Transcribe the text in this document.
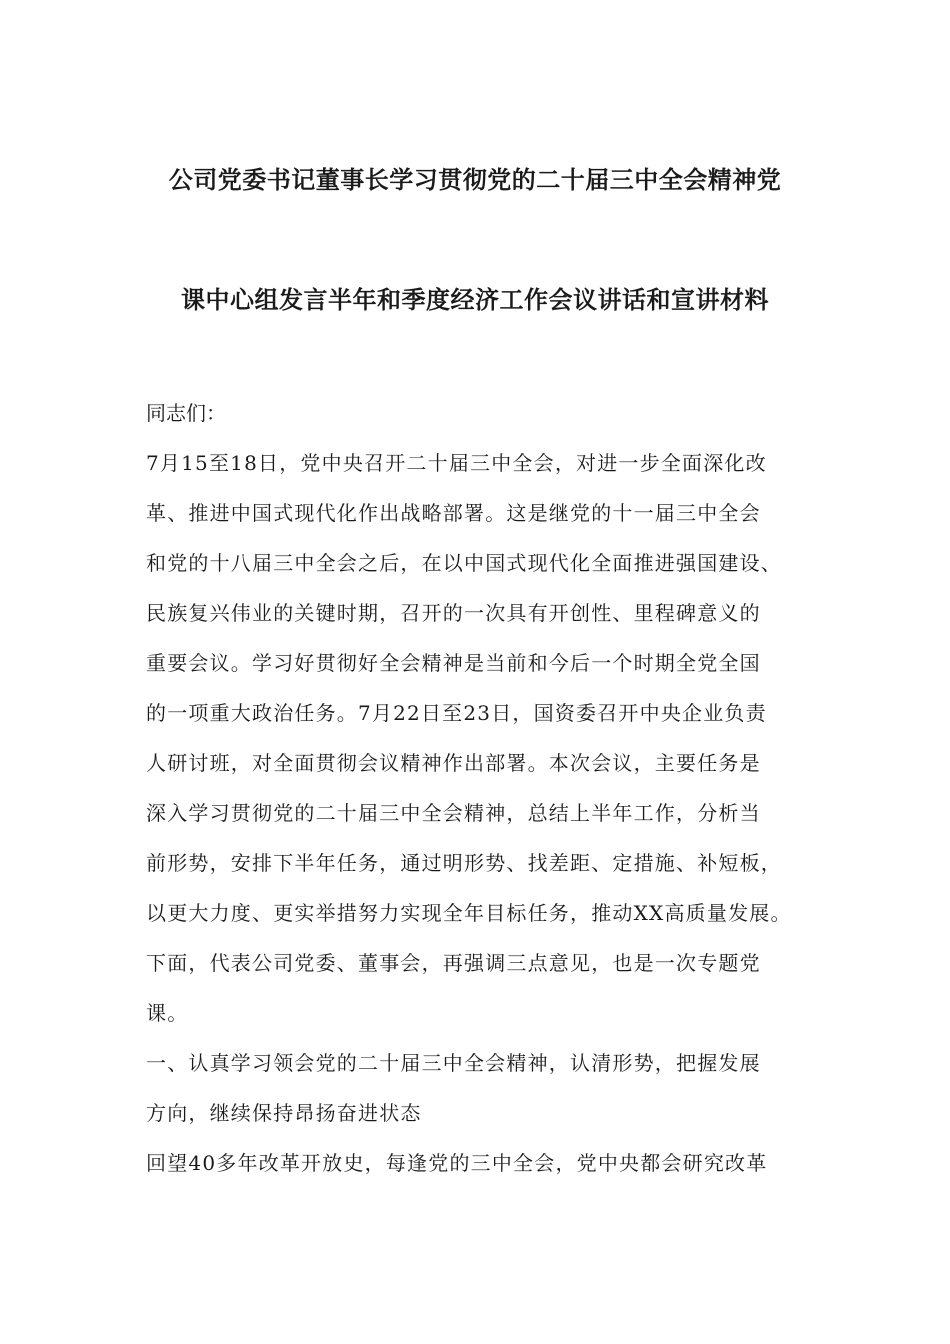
公司党委书记董事长学习贯彻党的二十届三中全会精神党
课中心组发言半年和季度经济工作会议讲话和宣讲材料
同志们：
7月15至18日，党中央召开二十届三中全会，对进一步全面深化改
革、推进中国式现代化作出战略部署。这是继党的十一届三中全会
和党的十八届三中全会之后，在以中国式现代化全面推进强国建设、
民族复兴伟业的关键时期，召开的一次具有开创性、里程碑意义的
重要会议。学习好贯彻好全会精神是当前和今后一个时期全党全国
的一项重大政治任务。7月22日至23日，国资委召开中央企业负责
人研讨班，对全面贯彻会议精神作出部署。本次会议，主要任务是
深入学习贯彻党的二十届三中全会精神，总结上半年工作，分析当
前形势，安排下半年任务，通过明形势、找差距、定措施、补短板，
以更大力度、更实举措努力实现全年目标任务，推动XX高质量发展。
下面，代表公司党委、董事会，再强调三点意见，也是一次专题党
课。
一、认真学习领会党的二十届三中全会精神，认清形势，把握发展
方向，继续保持昂扬奋进状态
回望40多年改革开放史，每逢党的三中全会，党中央都会研究改革
